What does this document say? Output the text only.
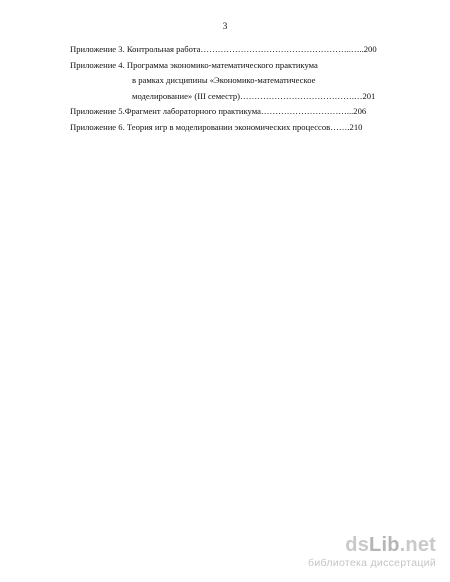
3
Приложение 3. Контрольная работа……………………………………………..…..200
Приложение 4. Программа экономико-математического практикума
в рамках дисципины «Экономико-математическое
моделирование» (III семестр)………………………………….…201
Приложение 5.Фрагмент лабораторного практикума…………………………...206
Приложение 6. Теория игр в моделировании экономических процессов…….210
dsLib.net
библиотека диссертаций
